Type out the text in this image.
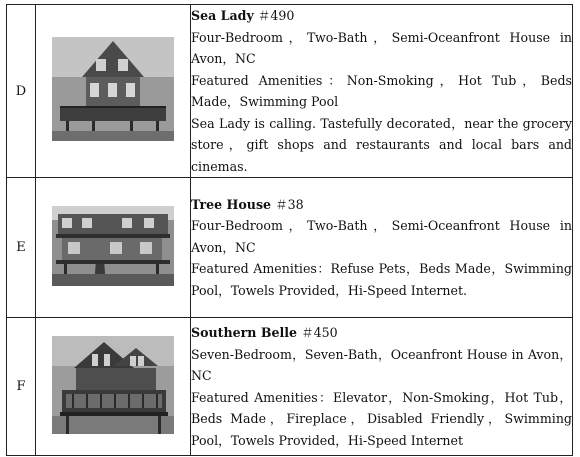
D		Sea Lady ＃490
Four-Bedroom，Two-Bath，Semi-Oceanfront House in Avon，NC
Featured Amenities：Non-Smoking，Hot Tub，Beds Made，Swimming Pool
Sea Lady is calling. Tastefully decorated，near the grocery store，gift shops and restaurants and local bars and cinemas.

E		Tree House ＃38
Four-Bedroom，Two-Bath，Semi-Oceanfront House in Avon，NC
Featured Amenities：Refuse Pets，Beds Made，Swimming Pool，Towels Provided，Hi-Speed Internet.

F		Southern Belle ＃450
Seven-Bedroom，Seven-Bath，Oceanfront House in Avon，NC
Featured Amenities：Elevator，Non-Smoking，Hot Tub，Beds Made，Fireplace，Disabled Friendly，Swimming Pool，Towels Provided，Hi-Speed Internet
